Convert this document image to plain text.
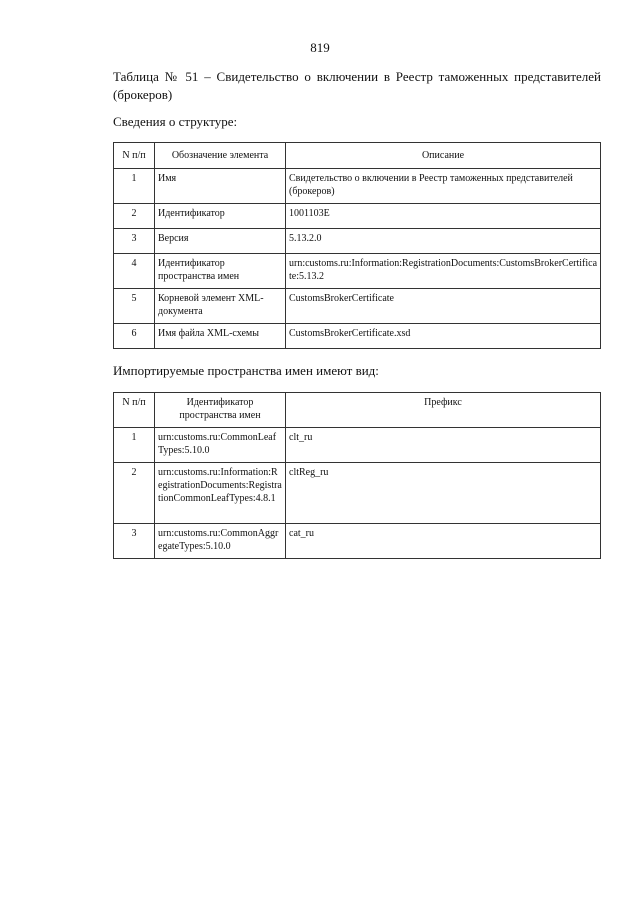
819
Таблица № 51 – Свидетельство о включении в Реестр таможенных представителей (брокеров)
Сведения о структуре:
N п/п	Обозначение элемента	Описание
1	Имя	Свидетельство о включении в Реестр таможенных представителей (брокеров)
2	Идентификатор	1001103E
3	Версия	5.13.2.0
4	Идентификатор пространства имен	urn:customs.ru:Information:RegistrationDocuments:CustomsBrokerCertificate:5.13.2
5	Корневой элемент XML-документа	CustomsBrokerCertificate
6	Имя файла XML-схемы	CustomsBrokerCertificate.xsd
Импортируемые пространства имен имеют вид:
N п/п	Идентификатор пространства имен	Префикс
1	urn:customs.ru:CommonLeafTypes:5.10.0	clt_ru
2	urn:customs.ru:Information:RegistrationDocuments:RegistrationCommonLeafTypes:4.8.1	cltReg_ru
3	urn:customs.ru:CommonAggregateTypes:5.10.0	cat_ru
